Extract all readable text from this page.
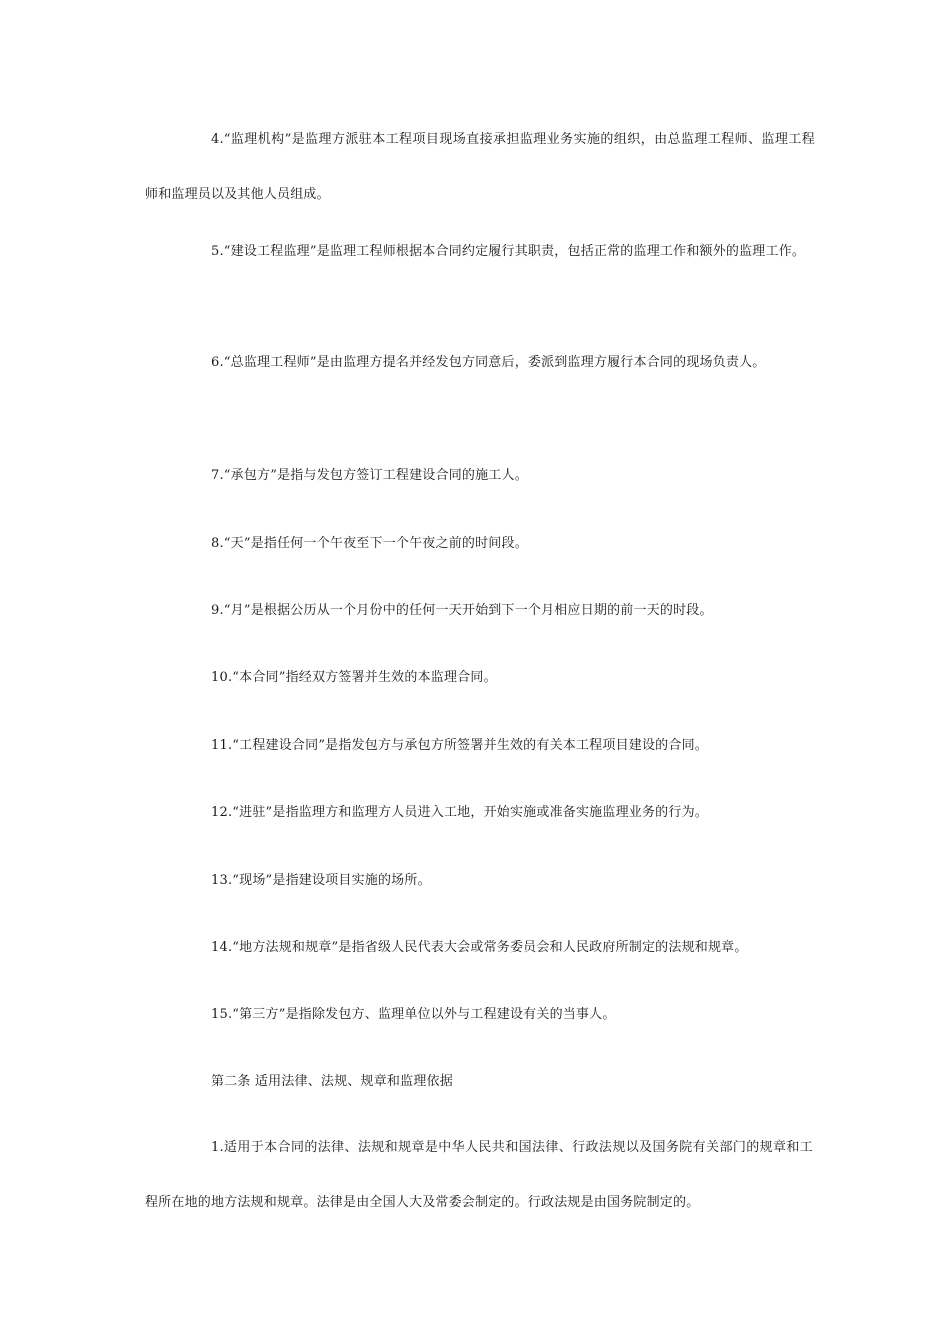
4.“监理机构”是监理方派驻本工程项目现场直接承担监理业务实施的组织，由总监理工程师、监理工程师和监理员以及其他人员组成。

5.“建设工程监理”是监理工程师根据本合同约定履行其职责，包括正常的监理工作和额外的监理工作。

6.“总监理工程师”是由监理方提名并经发包方同意后，委派到监理方履行本合同的现场负责人。

7.“承包方”是指与发包方签订工程建设合同的施工人。

8.“天”是指任何一个午夜至下一个午夜之前的时间段。

9.“月”是根据公历从一个月份中的任何一天开始到下一个月相应日期的前一天的时段。

10.“本合同”指经双方签署并生效的本监理合同。

11.“工程建设合同”是指发包方与承包方所签署并生效的有关本工程项目建设的合同。

12.“进驻”是指监理方和监理方人员进入工地，开始实施或准备实施监理业务的行为。

13.“现场”是指建设项目实施的场所。

14.“地方法规和规章”是指省级人民代表大会或常务委员会和人民政府所制定的法规和规章。

15.“第三方”是指除发包方、监理单位以外与工程建设有关的当事人。

第二条 适用法律、法规、规章和监理依据

1.适用于本合同的法律、法规和规章是中华人民共和国法律、行政法规以及国务院有关部门的规章和工程所在地的地方法规和规章。法律是由全国人大及常委会制定的。行政法规是由国务院制定的。
